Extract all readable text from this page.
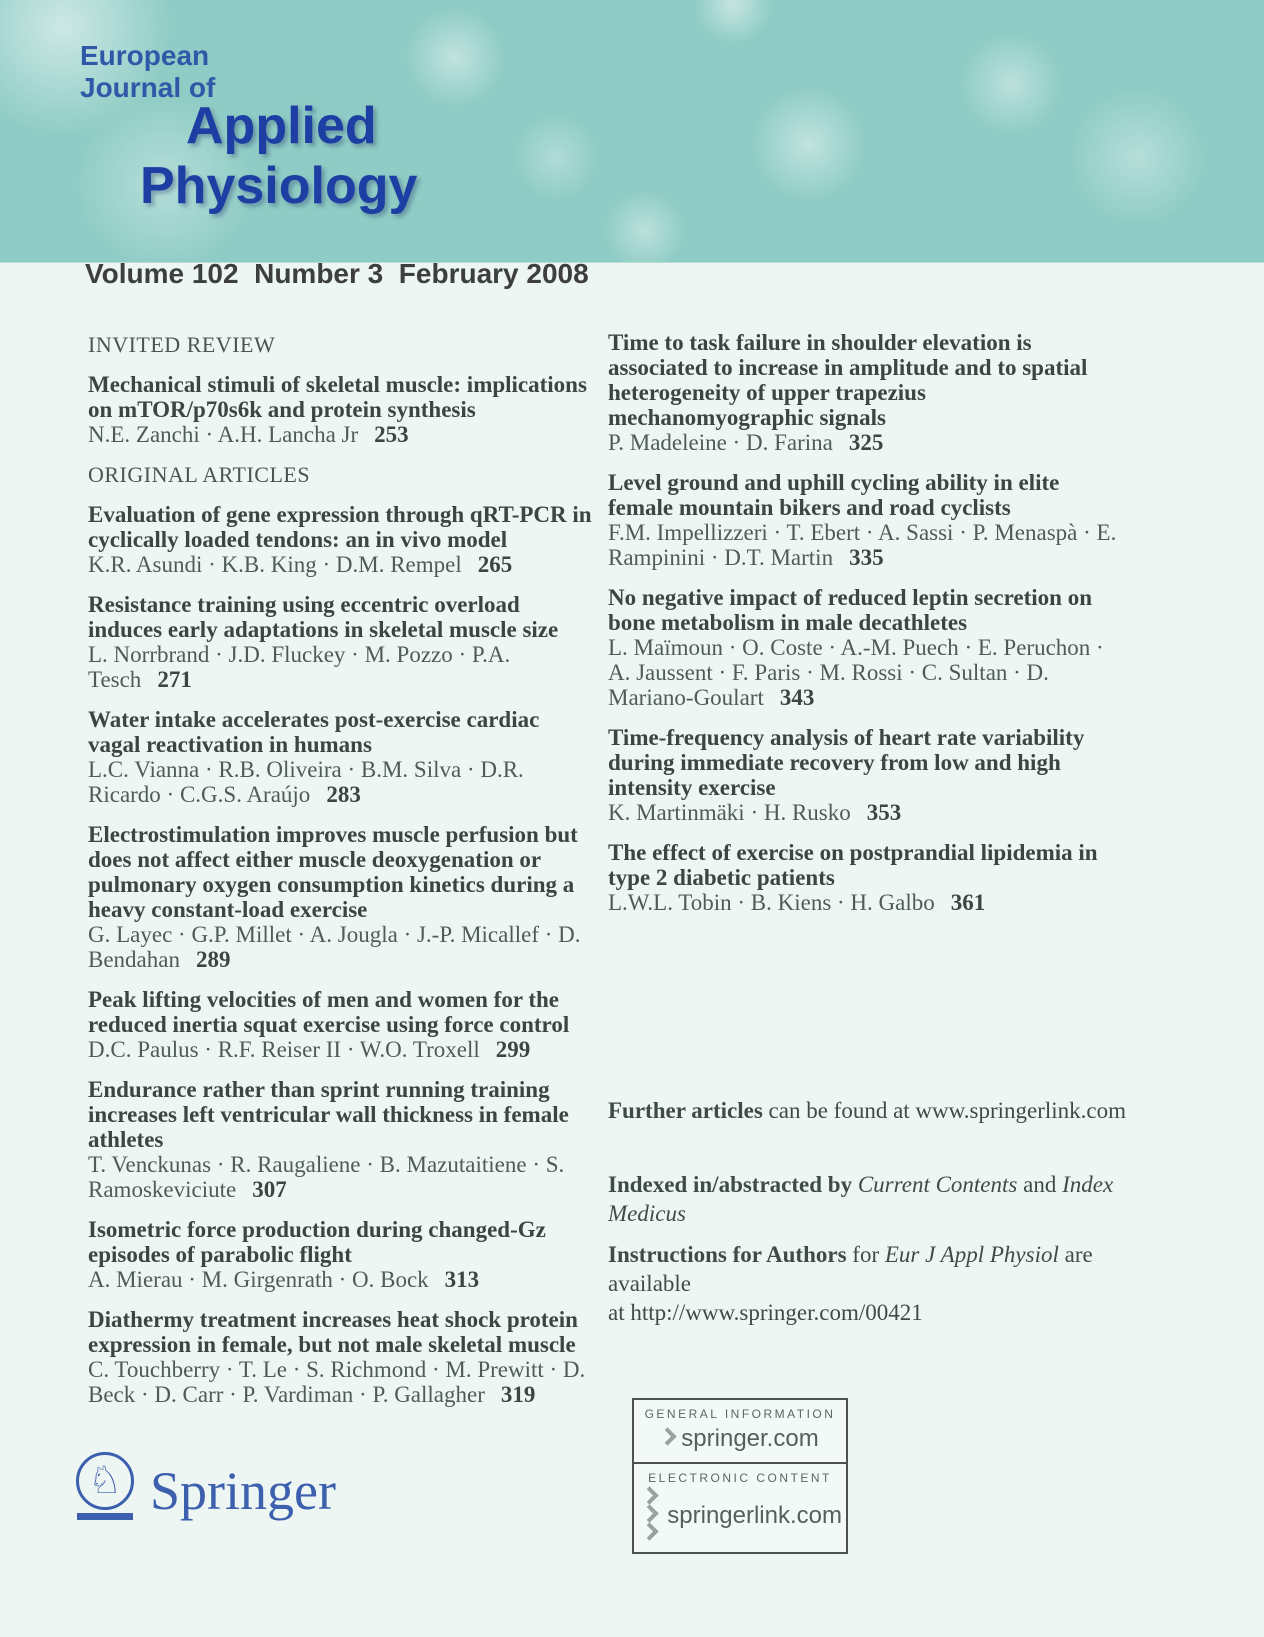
European
Journal of
Applied
Physiology
Volume 102  Number 3  February 2008
INVITED REVIEW
Mechanical stimuli of skeletal muscle: implications on mTOR/p70s6k and protein synthesis
N.E. Zanchi · A.H. Lancha Jr 253
ORIGINAL ARTICLES
Evaluation of gene expression through qRT-PCR in cyclically loaded tendons: an in vivo model
K.R. Asundi · K.B. King · D.M. Rempel 265
Resistance training using eccentric overload induces early adaptations in skeletal muscle size
L. Norrbrand · J.D. Fluckey · M. Pozzo · P.A. Tesch 271
Water intake accelerates post-exercise cardiac vagal reactivation in humans
L.C. Vianna · R.B. Oliveira · B.M. Silva · D.R. Ricardo · C.G.S. Araújo 283
Electrostimulation improves muscle perfusion but does not affect either muscle deoxygenation or pulmonary oxygen consumption kinetics during a heavy constant-load exercise
G. Layec · G.P. Millet · A. Jougla · J.-P. Micallef · D. Bendahan 289
Peak lifting velocities of men and women for the reduced inertia squat exercise using force control
D.C. Paulus · R.F. Reiser II · W.O. Troxell 299
Endurance rather than sprint running training increases left ventricular wall thickness in female athletes
T. Venckunas · R. Raugaliene · B. Mazutaitiene · S. Ramoskeviciute 307
Isometric force production during changed-Gz episodes of parabolic flight
A. Mierau · M. Girgenrath · O. Bock 313
Diathermy treatment increases heat shock protein expression in female, but not male skeletal muscle
C. Touchberry · T. Le · S. Richmond · M. Prewitt · D. Beck · D. Carr · P. Vardiman · P. Gallagher 319
Time to task failure in shoulder elevation is associated to increase in amplitude and to spatial heterogeneity of upper trapezius mechanomyographic signals
P. Madeleine · D. Farina 325
Level ground and uphill cycling ability in elite female mountain bikers and road cyclists
F.M. Impellizzeri · T. Ebert · A. Sassi · P. Menaspà · E. Rampinini · D.T. Martin 335
No negative impact of reduced leptin secretion on bone metabolism in male decathletes
L. Maïmoun · O. Coste · A.-M. Puech · E. Peruchon · A. Jaussent · F. Paris · M. Rossi · C. Sultan · D. Mariano-Goulart 343
Time-frequency analysis of heart rate variability during immediate recovery from low and high intensity exercise
K. Martinmäki · H. Rusko 353
The effect of exercise on postprandial lipidemia in type 2 diabetic patients
L.W.L. Tobin · B. Kiens · H. Galbo 361
Further articles can be found at www.springerlink.com
Indexed in/abstracted by Current Contents and Index Medicus
Instructions for Authors for Eur J Appl Physiol are available
at http://www.springer.com/00421
♘ Springer
GENERAL INFORMATION
springer.com
ELECTRONIC CONTENT
springerlink.com
